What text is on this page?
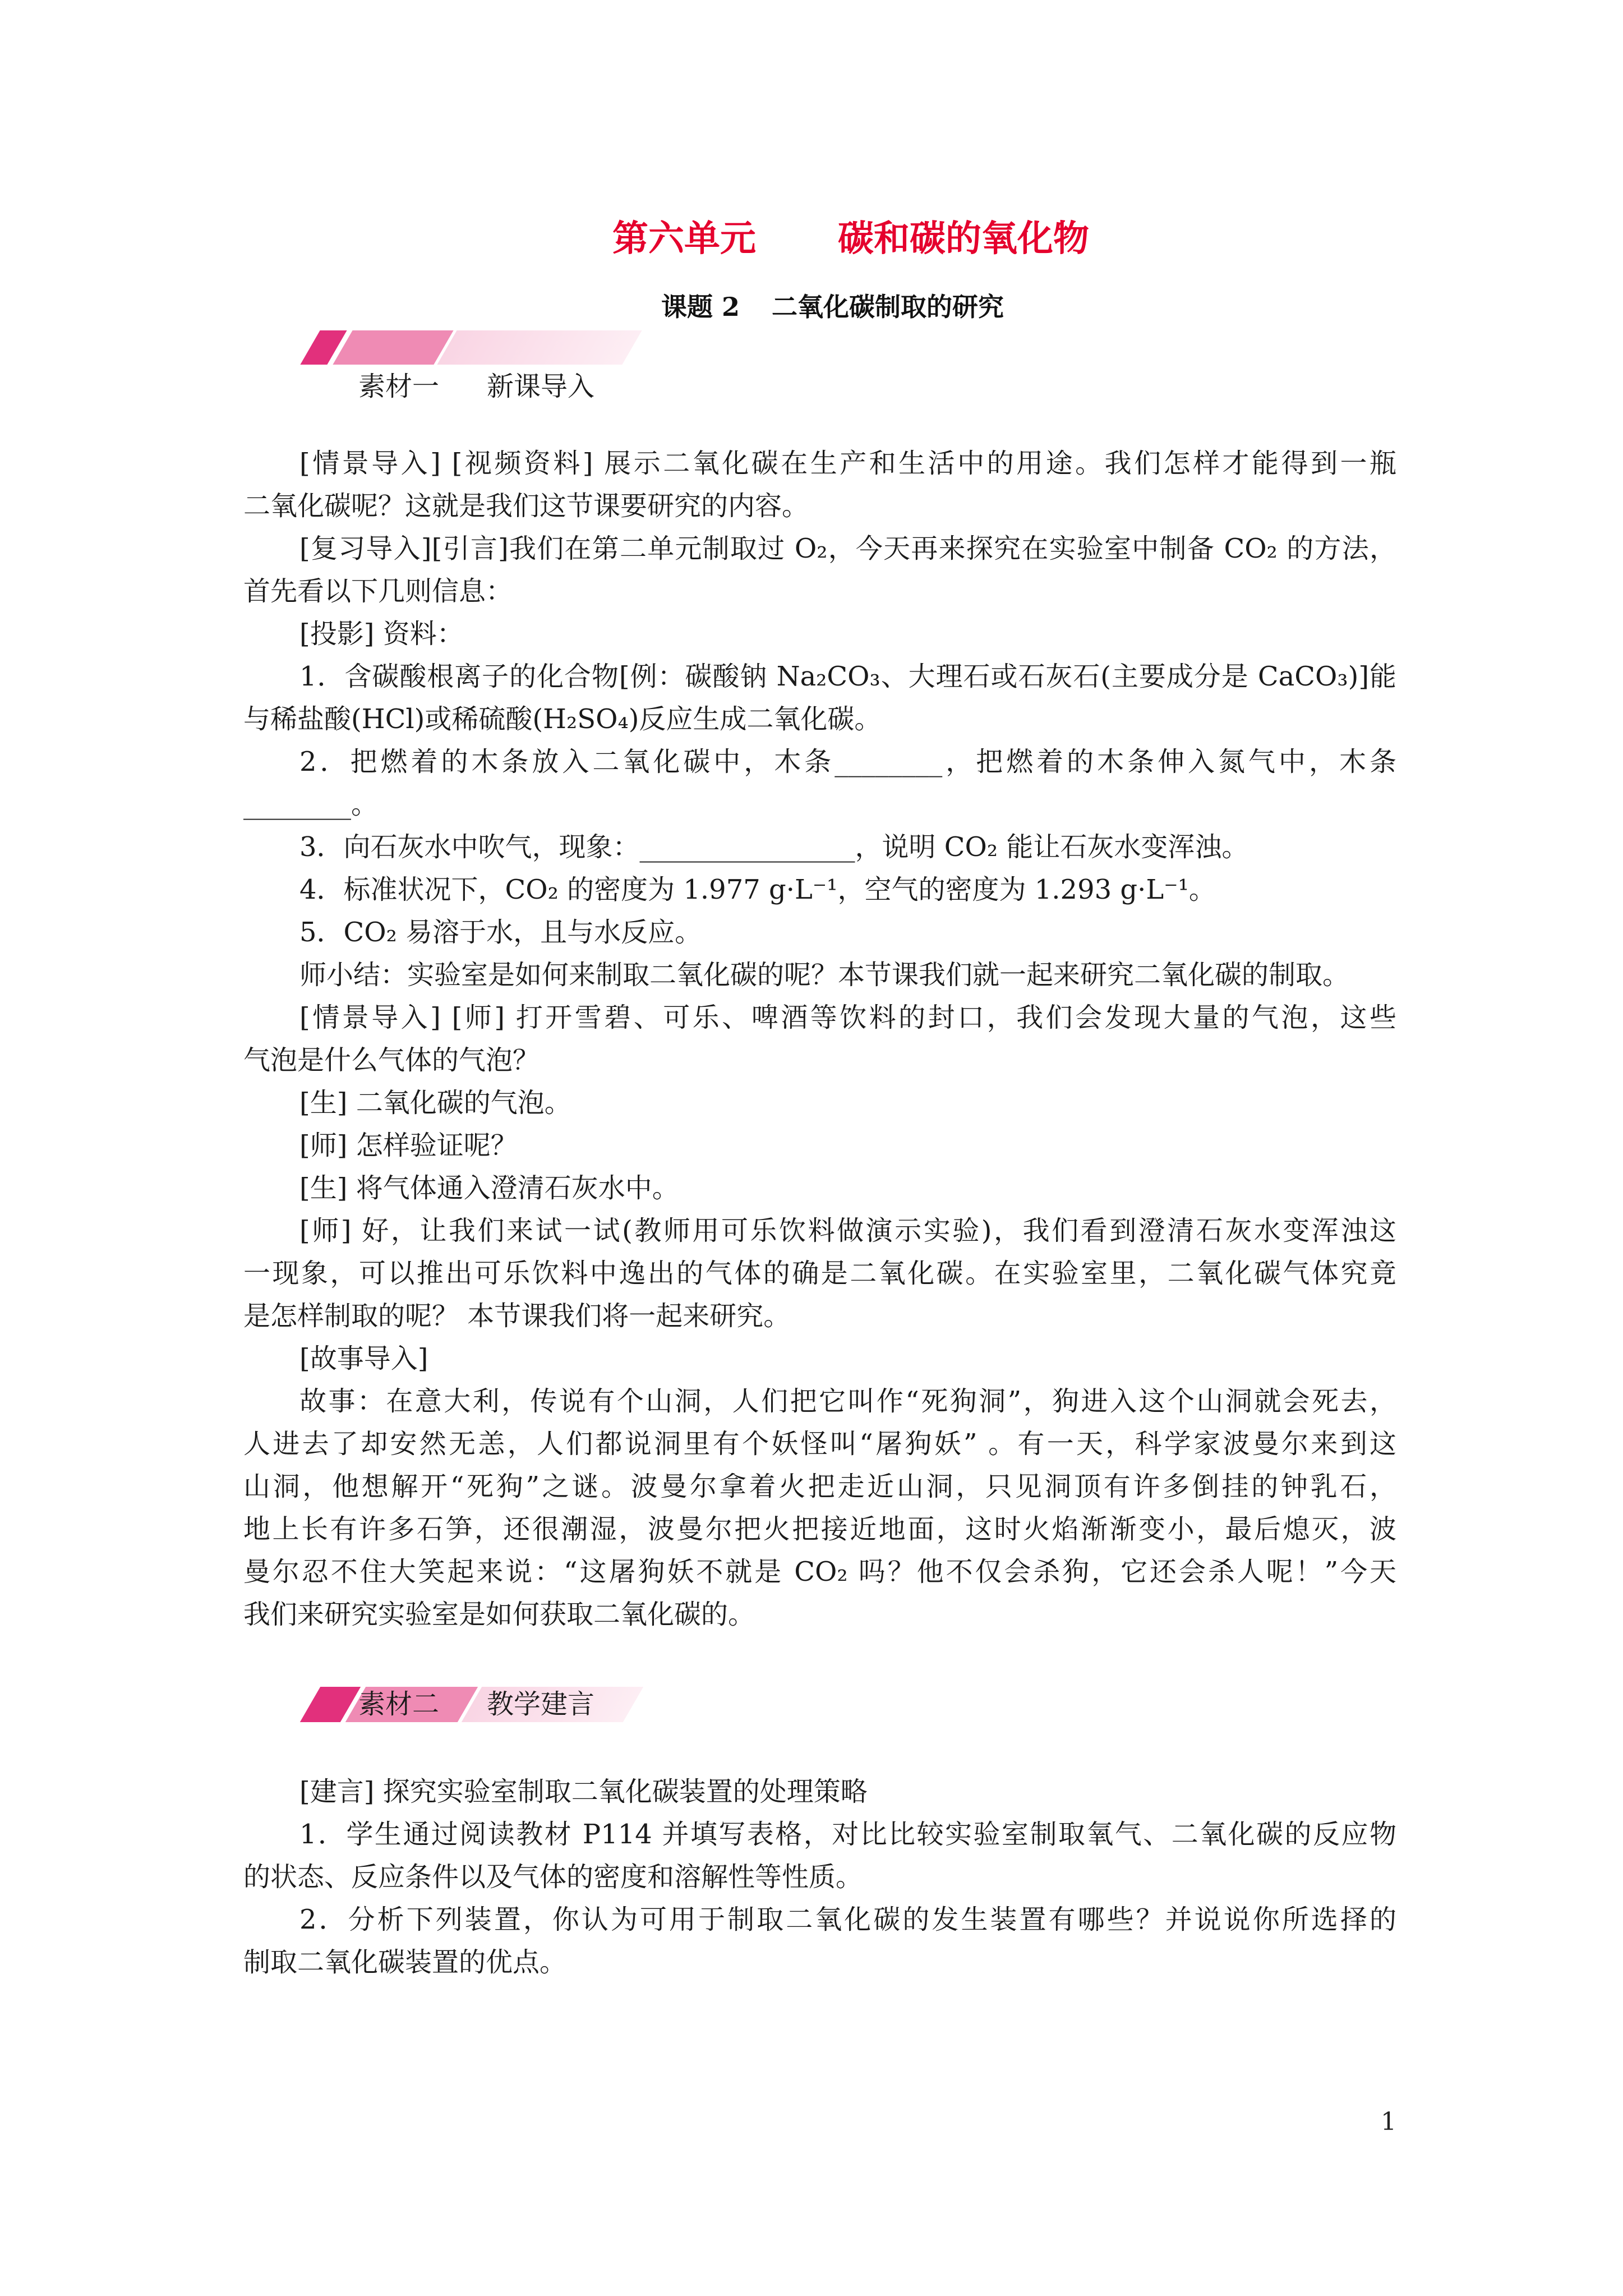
第六单元 碳和碳的氧化物
课题 2 二氧化碳制取的研究
素材一 新课导入
[情景导入] [视频资料] 展示二氧化碳在生产和生活中的用途。我们怎样才能得到一瓶
二氧化碳呢？这就是我们这节课要研究的内容。
[复习导入][引言]我们在第二单元制取过 O₂，今天再来探究在实验室中制备 CO₂ 的方法，
首先看以下几则信息：
[投影] 资料：
1．含碳酸根离子的化合物[例：碳酸钠 Na₂CO₃、大理石或石灰石(主要成分是 CaCO₃)]能
与稀盐酸(HCl)或稀硫酸(H₂SO₄)反应生成二氧化碳。
2．把燃着的木条放入二氧化碳中，木条________，把燃着的木条伸入氮气中，木条
________。
3．向石灰水中吹气，现象：________________，说明 CO₂ 能让石灰水变浑浊。
4．标准状况下，CO₂ 的密度为 1.977 g·L⁻¹，空气的密度为 1.293 g·L⁻¹。
5．CO₂ 易溶于水，且与水反应。
师小结：实验室是如何来制取二氧化碳的呢？本节课我们就一起来研究二氧化碳的制取。
[情景导入] [师] 打开雪碧、可乐、啤酒等饮料的封口，我们会发现大量的气泡，这些
气泡是什么气体的气泡？
[生] 二氧化碳的气泡。
[师] 怎样验证呢？
[生] 将气体通入澄清石灰水中。
[师] 好，让我们来试一试(教师用可乐饮料做演示实验)，我们看到澄清石灰水变浑浊这
一现象，可以推出可乐饮料中逸出的气体的确是二氧化碳。在实验室里，二氧化碳气体究竟
是怎样制取的呢？ 本节课我们将一起来研究。
[故事导入]
故事：在意大利，传说有个山洞，人们把它叫作“死狗洞”，狗进入这个山洞就会死去，
人进去了却安然无恙，人们都说洞里有个妖怪叫“屠狗妖” 。有一天，科学家波曼尔来到这
山洞，他想解开“死狗”之谜。波曼尔拿着火把走近山洞，只见洞顶有许多倒挂的钟乳石，
地上长有许多石笋，还很潮湿，波曼尔把火把接近地面，这时火焰渐渐变小，最后熄灭，波
曼尔忍不住大笑起来说：“这屠狗妖不就是 CO₂ 吗？他不仅会杀狗，它还会杀人呢！”今天
我们来研究实验室是如何获取二氧化碳的。
素材二 教学建言
[建言] 探究实验室制取二氧化碳装置的处理策略
1．学生通过阅读教材 P114 并填写表格，对比比较实验室制取氧气、二氧化碳的反应物
的状态、反应条件以及气体的密度和溶解性等性质。
2．分析下列装置，你认为可用于制取二氧化碳的发生装置有哪些？并说说你所选择的
制取二氧化碳装置的优点。
1
